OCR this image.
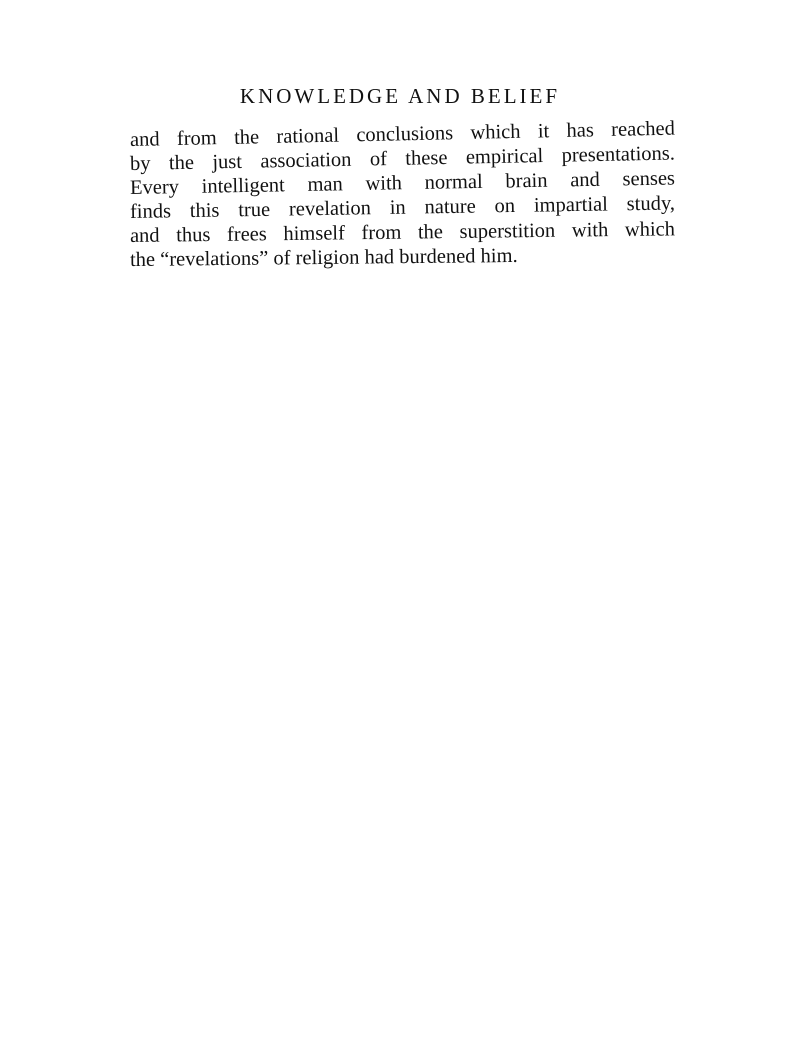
KNOWLEDGE AND BELIEF
and from the rational conclusions which it has reached
by the just association of these empirical presentations.
Every intelligent man with normal brain and senses
finds this true revelation in nature on impartial study,
and thus frees himself from the superstition with which
the “revelations” of religion had burdened him.
